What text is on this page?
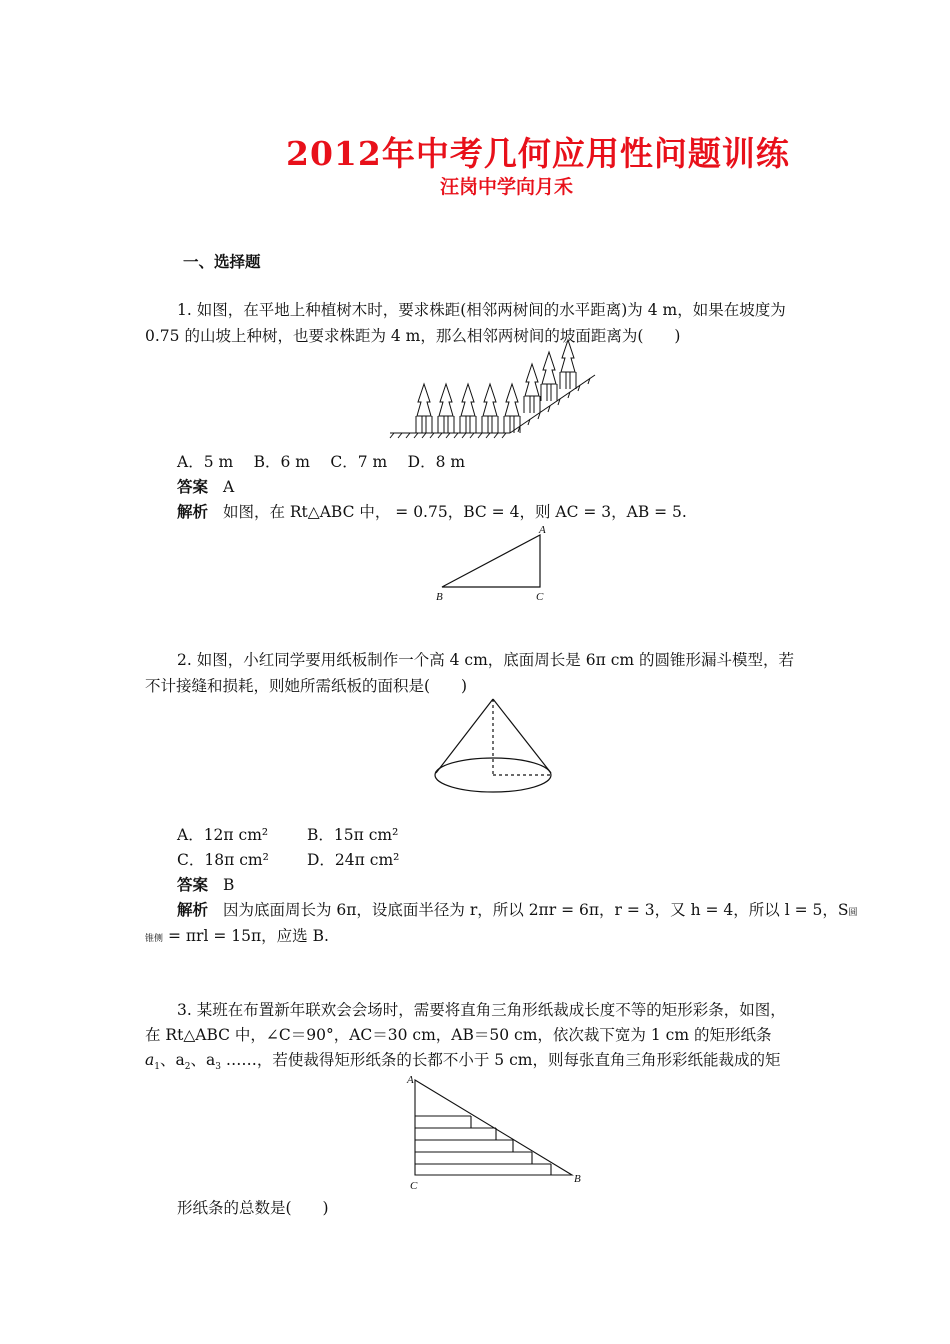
2012年中考几何应用性问题训练
汪岗中学向月禾
一、选择题
1. 如图，在平地上种植树木时，要求株距(相邻两树间的水平距离)为 4 m，如果在坡度为
0.75 的山坡上种树，也要求株距为 4 m，那么相邻两树间的坡面距离为(　　)
A．5 m　 B．6 m　 C．7 m　 D．8 m
答案 A
解析 如图，在 Rt△ABC 中， = 0.75，BC = 4，则 AC = 3，AB = 5.
A
B	C
2. 如图，小红同学要用纸板制作一个高 4 cm，底面周长是 6π cm 的圆锥形漏斗模型，若
不计接缝和损耗，则她所需纸板的面积是(　　)
A．12π cm²	B．15π cm²
C．18π cm² D．24π cm²
答案 B
解析 因为底面周长为 6π，设底面半径为 r，所以 2πr = 6π，r = 3，又 h = 4，所以 l = 5，S圆
锥侧 = πrl = 15π，应选 B.
3. 某班在布置新年联欢会会场时，需要将直角三角形纸裁成长度不等的矩形彩条，如图，
在 Rt△ABC 中，∠C＝90°，AC＝30 cm，AB＝50 cm，依次裁下宽为 1 cm 的矩形纸条
$a_1$、$a_2$、$a_3$ ……，若使裁得矩形纸条的长都不小于 5 cm，则每张直角三角形彩纸能裁成的矩
A
C
B
形纸条的总数是(　　)
